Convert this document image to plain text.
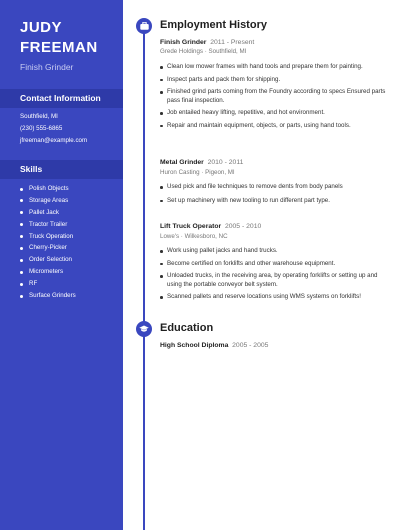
JUDY
FREEMAN
Finish Grinder
Contact Information
Southfield, MI
(230) 555-6865
jfreeman@example.com
Skills
Polish Objects
Storage Areas
Pallet Jack
Tractor Trailer
Truck Operation
Cherry-Picker
Order Selection
Micrometers
RF
Surface Grinders
Employment History
Finish Grinder 2011 - Present
Grede Holdings · Southfield, MI
Clean low mower frames with hand tools and prepare them for painting.
Inspect parts and pack them for shipping.
Finished grind parts coming from the Foundry according to specs Ensured parts pass final inspection.
Job entailed heavy lifting, repetitive, and hot environment.
Repair and maintain equipment, objects, or parts, using hand tools.
Metal Grinder 2010 - 2011
Huron Casting · Pigeon, MI
Used pick and file techniques to remove dents from body panels
Set up machinery with new tooling to run different part type.
Lift Truck Operator 2005 - 2010
Lowe's · Wilkesboro, NC
Work using pallet jacks and hand trucks.
Become certified on forklifts and other warehouse equipment.
Unloaded trucks, in the receiving area, by operating forklifts or setting up and using the portable conveyor belt system.
Scanned pallets and reserve locations using WMS systems on forklifts!
Education
High School Diploma 2005 - 2005
